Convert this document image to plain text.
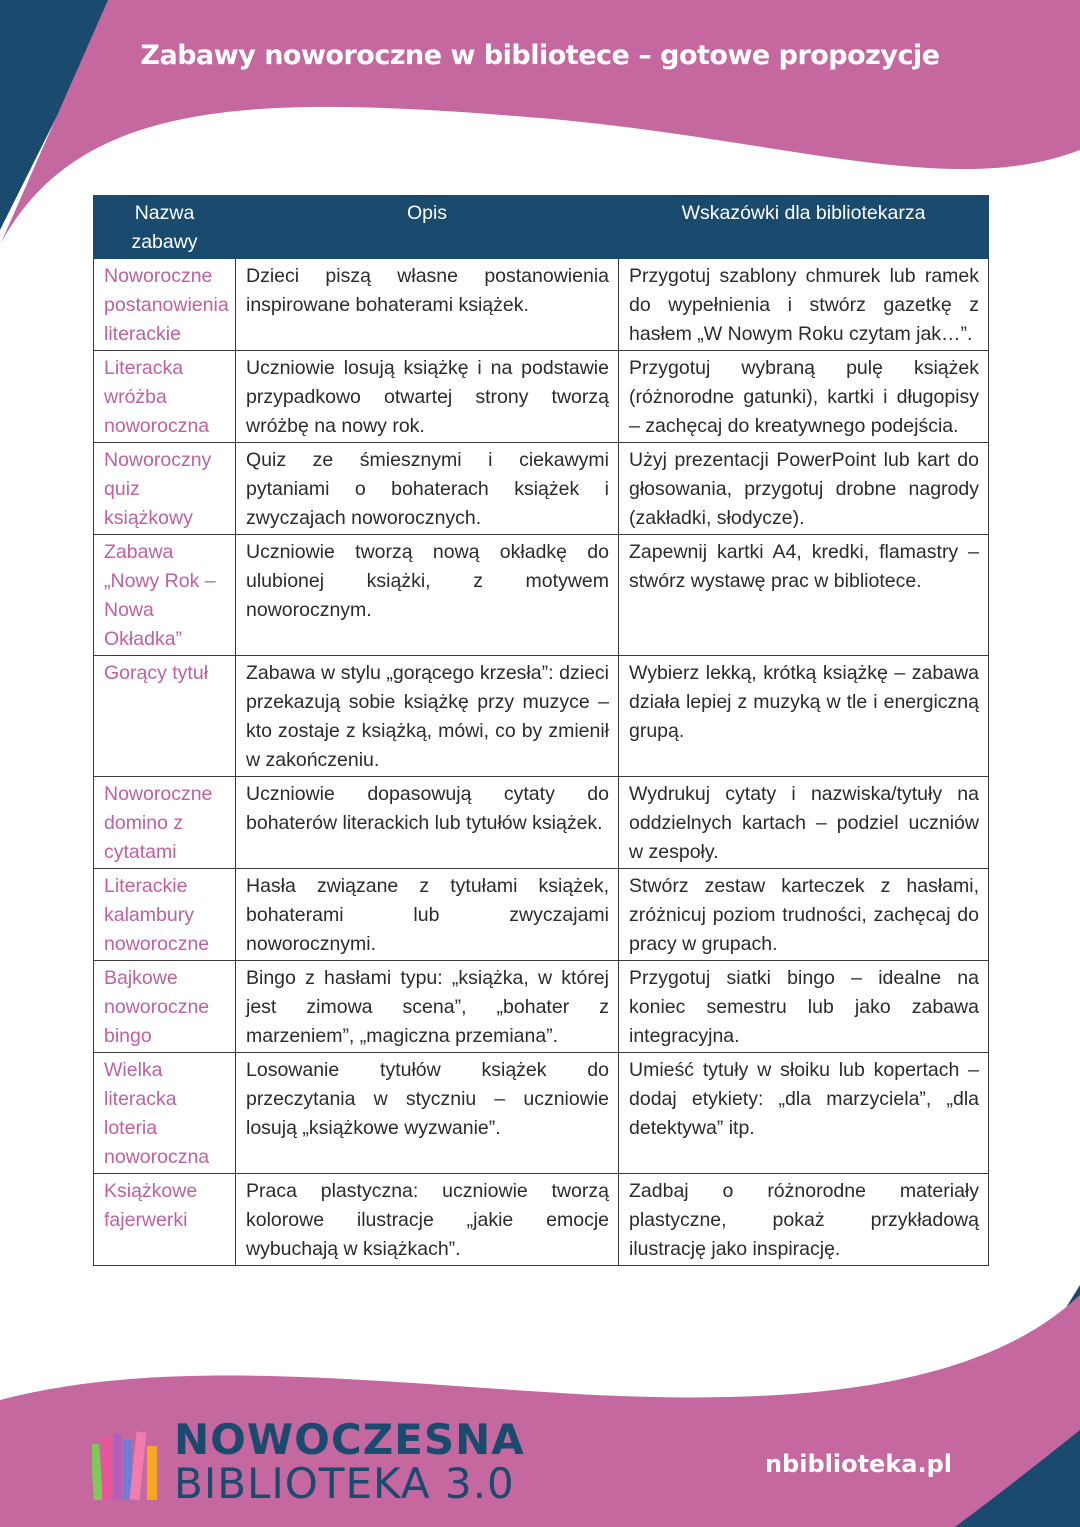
Zabawy noworoczne w bibliotece – gotowe propozycje
Nazwa zabawy	Opis	Wskazówki dla bibliotekarza
Noworoczne postanowienia literackie	Dzieci piszą własne postanowienia inspirowane bohaterami książek.	Przygotuj szablony chmurek lub ramek do wypełnienia i stwórz gazetkę z hasłem „W Nowym Roku czytam jak…”.
Literacka wróżba noworoczna	Uczniowie losują książkę i na podstawie przypadkowo otwartej strony tworzą wróżbę na nowy rok.	Przygotuj wybraną pulę książek (różnorodne gatunki), kartki i długopisy – zachęcaj do kreatywnego podejścia.
Noworoczny quiz książkowy	Quiz ze śmiesznymi i ciekawymi pytaniami o bohaterach książek i zwyczajach noworocznych.	Użyj prezentacji PowerPoint lub kart do głosowania, przygotuj drobne nagrody (zakładki, słodycze).
Zabawa „Nowy Rok – Nowa Okładka”	Uczniowie tworzą nową okładkę do ulubionej książki, z motywem noworocznym.	Zapewnij kartki A4, kredki, flamastry – stwórz wystawę prac w bibliotece.
Gorący tytuł	Zabawa w stylu „gorącego krzesła”: dzieci przekazują sobie książkę przy muzyce – kto zostaje z książką, mówi, co by zmienił w zakończeniu.	Wybierz lekką, krótką książkę – zabawa działa lepiej z muzyką w tle i energiczną grupą.
Noworoczne domino z cytatami	Uczniowie dopasowują cytaty do bohaterów literackich lub tytułów książek.	Wydrukuj cytaty i nazwiska/tytuły na oddzielnych kartach – podziel uczniów w zespoły.
Literackie kalambury noworoczne	Hasła związane z tytułami książek, bohaterami lub zwyczajami noworocznymi.	Stwórz zestaw karteczek z hasłami, zróżnicuj poziom trudności, zachęcaj do pracy w grupach.
Bajkowe noworoczne bingo	Bingo z hasłami typu: „książka, w której jest zimowa scena”, „bohater z marzeniem”, „magiczna przemiana”.	Przygotuj siatki bingo – idealne na koniec semestru lub jako zabawa integracyjna.
Wielka literacka loteria noworoczna	Losowanie tytułów książek do przeczytania w styczniu – uczniowie losują „książkowe wyzwanie”.	Umieść tytuły w słoiku lub kopertach – dodaj etykiety: „dla marzyciela”, „dla detektywa” itp.
Książkowe fajerwerki	Praca plastyczna: uczniowie tworzą kolorowe ilustracje „jakie emocje wybuchają w książkach”.	Zadbaj o różnorodne materiały plastyczne, pokaż przykładową ilustrację jako inspirację.
NOWOCZESNA
BIBLIOTEKA 3.0	nbiblioteka.pl
